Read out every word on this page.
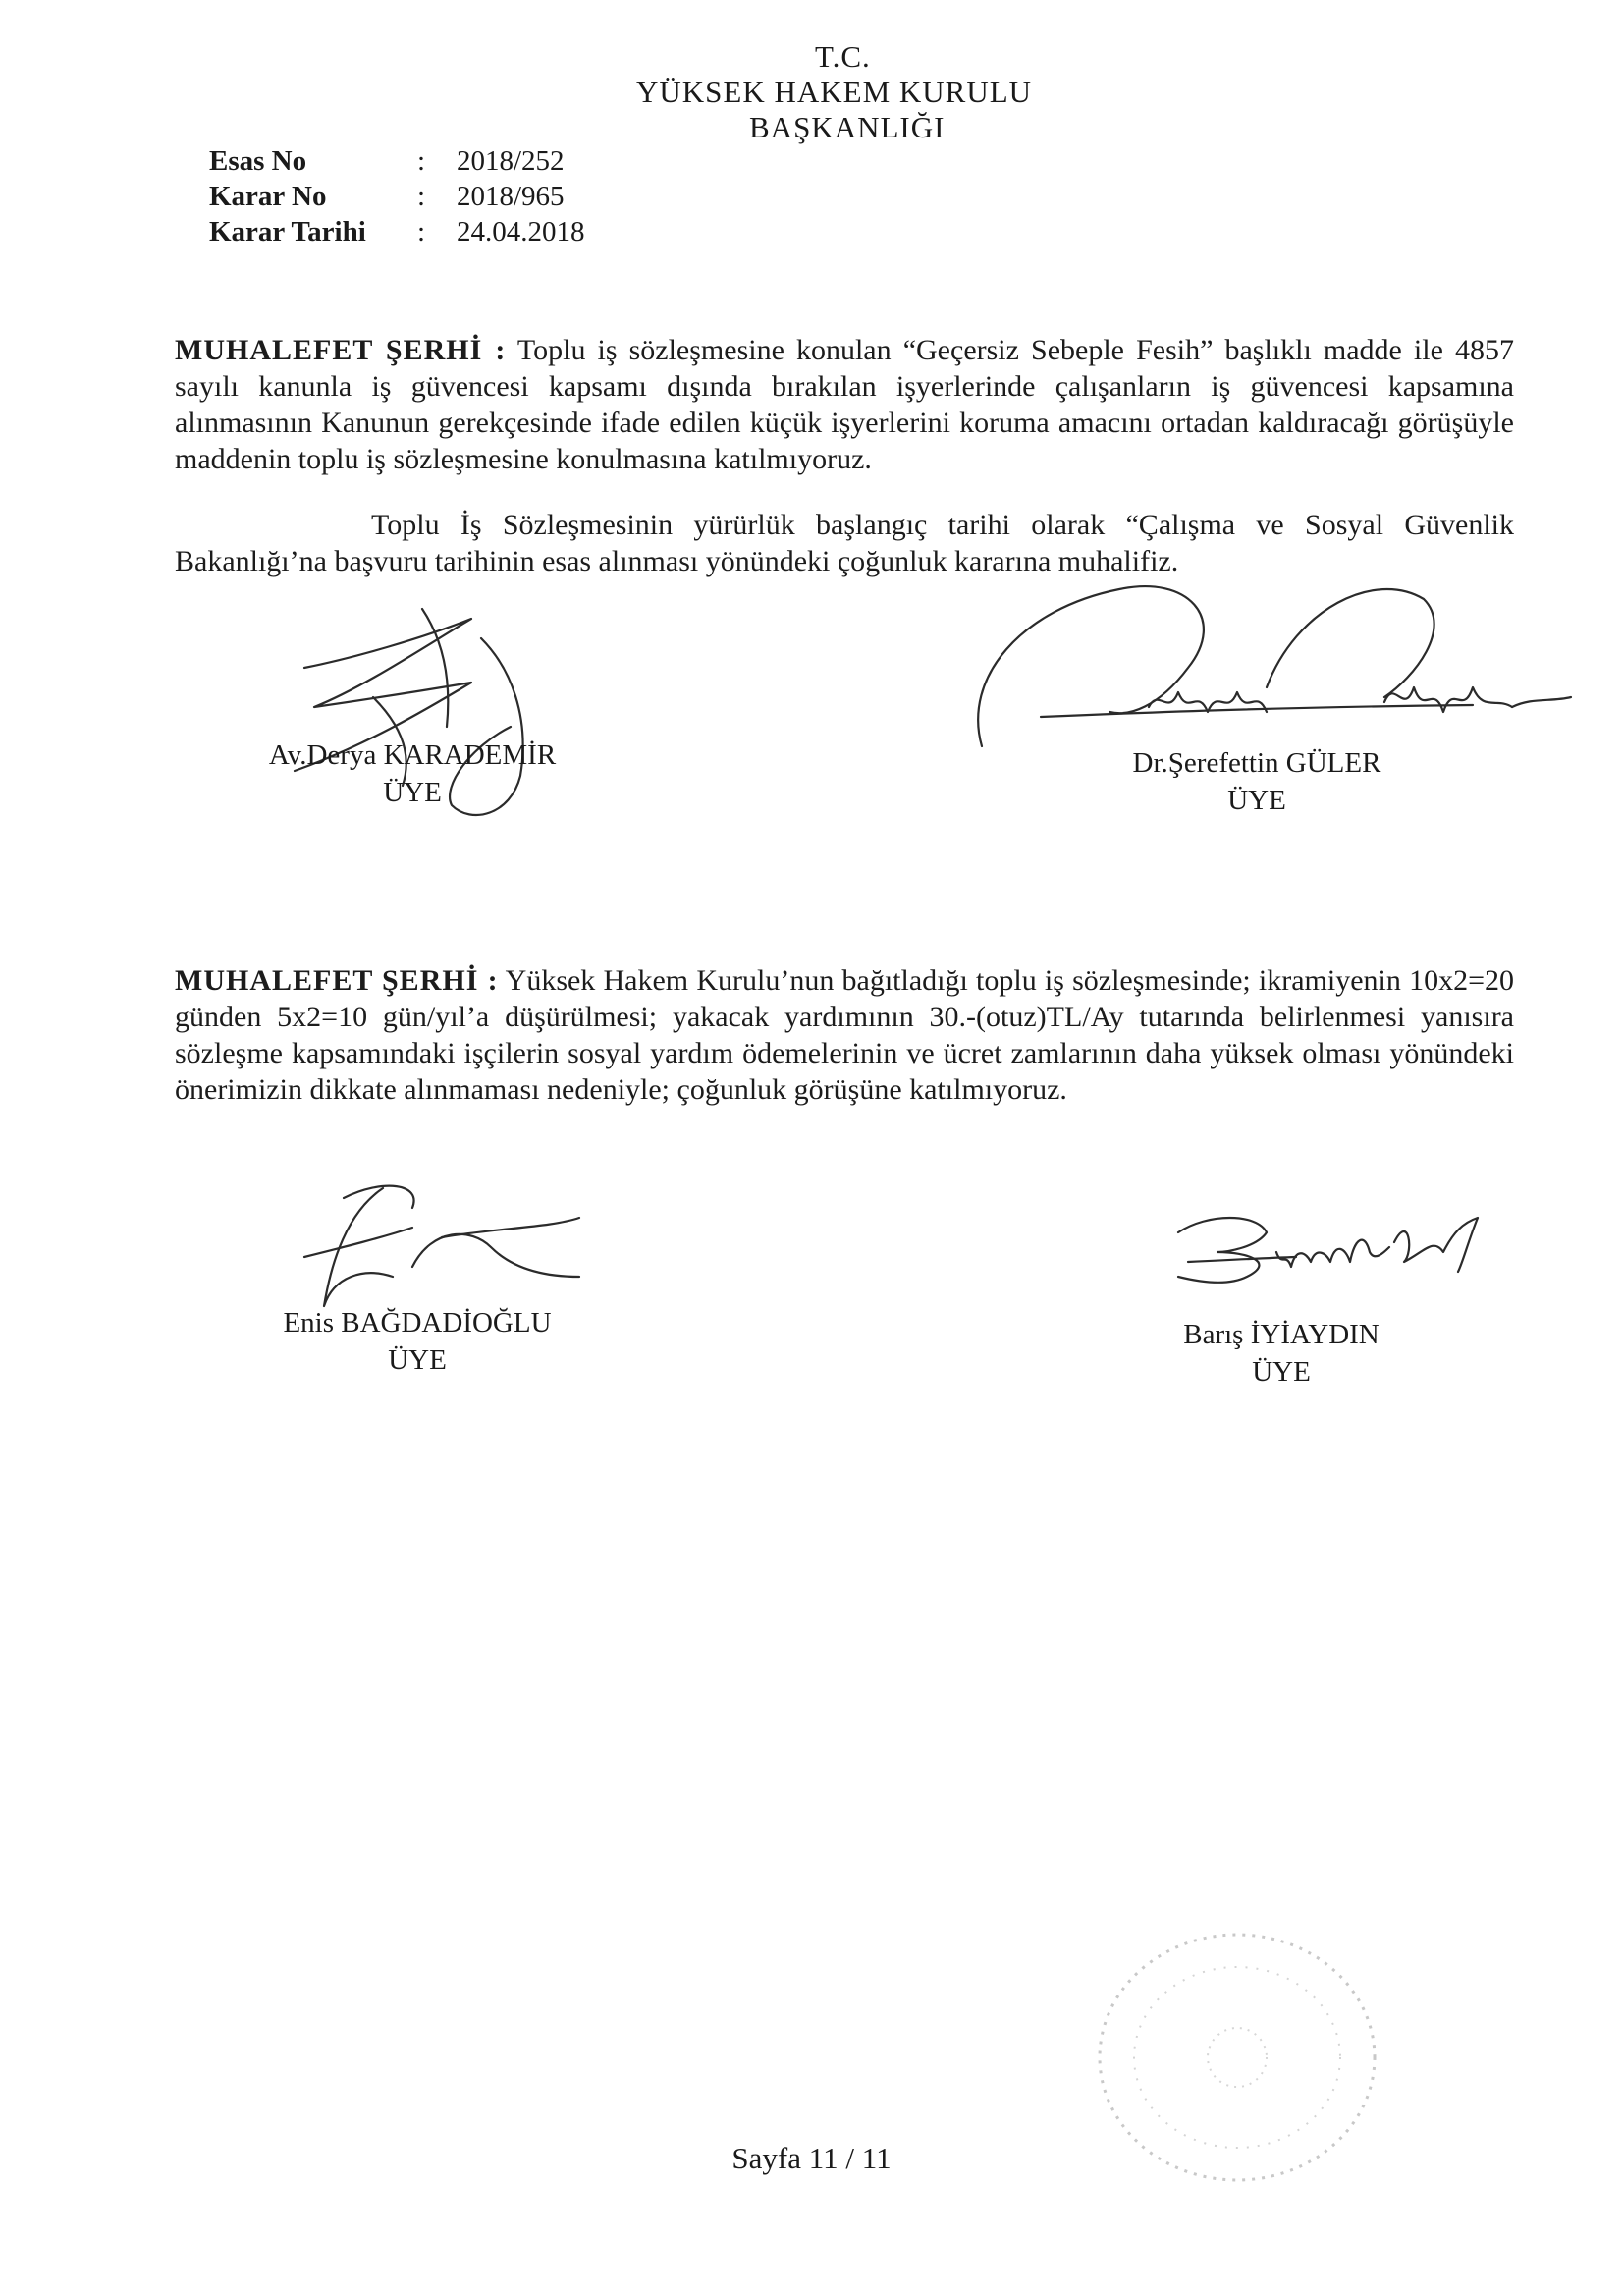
T.C.
YÜKSEK HAKEM KURULU
BAŞKANLIĞI
Esas No	: 2018/252
Karar No	: 2018/965
Karar Tarihi : 24.04.2018
MUHALEFET ŞERHİ : Toplu iş sözleşmesine konulan “Geçersiz Sebeple Fesih” başlıklı madde ile 4857 sayılı kanunla iş güvencesi kapsamı dışında bırakılan işyerlerinde çalışanların iş güvencesi kapsamına alınmasının Kanunun gerekçesinde ifade edilen küçük işyerlerini koruma amacını ortadan kaldıracağı görüşüyle maddenin toplu iş sözleşmesine konulmasına katılmıyoruz.
Toplu İş Sözleşmesinin yürürlük başlangıç tarihi olarak “Çalışma ve Sosyal Güvenlik Bakanlığı’na başvuru tarihinin esas alınması yönündeki çoğunluk kararına muhalifiz.
Av.Derya KARADEMİR
ÜYE
Dr.Şerefettin GÜLER
ÜYE
MUHALEFET ŞERHİ : Yüksek Hakem Kurulu’nun bağıtladığı toplu iş sözleşmesinde; ikramiyenin 10x2=20 günden 5x2=10 gün/yıl’a düşürülmesi; yakacak yardımının 30.-(otuz)TL/Ay tutarında belirlenmesi yanısıra sözleşme kapsamındaki işçilerin sosyal yardım ödemelerinin ve ücret zamlarının daha yüksek olması yönündeki önerimizin dikkate alınmaması nedeniyle; çoğunluk görüşüne katılmıyoruz.
Enis BAĞDADİOĞLU
ÜYE
Barış İYİAYDIN
ÜYE
Sayfa 11 / 11
